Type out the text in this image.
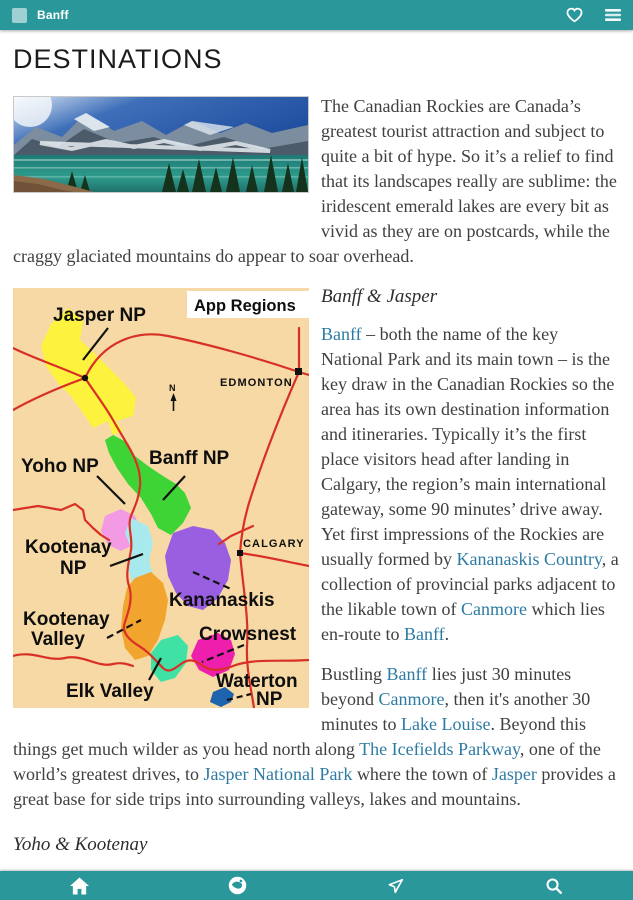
Banff
DESTINATIONS

The Canadian Rockies are Canada’s greatest tourist attraction and subject to quite a bit of hype. So it’s a relief to find that its landscapes really are sublime: the iridescent emerald lakes are every bit as vivid as they are on postcards, while the craggy glaciated mountains do appear to soar overhead.

N
App Regions
Jasper NP
Banff NP
Yoho NP
Kootenay
NP
Kananaskis
Kootenay
Valley	Crowsnest
Elk Valley	Waterton
NP
EDMONTON
CALGARY
Banff & Jasper

Banff – both the name of the key National Park and its main town – is the key draw in the Canadian Rockies so the area has its own destination information and itineraries. Typically it’s the first place visitors head after landing in Calgary, the region’s main international gateway, some 90 minutes’ drive away. Yet first impressions of the Rockies are usually formed by Kananaskis Country, a collection of provincial parks adjacent to the likable town of Canmore which lies en-route to Banff.

Bustling Banff lies just 30 minutes beyond Canmore, then it's another 30 minutes to Lake Louise. Beyond this things get much wilder as you head north along The Icefields Parkway, one of the world’s greatest drives, to Jasper National Park where the town of Jasper provides a great base for side trips into surrounding valleys, lakes and mountains.

Yoho & Kootenay
